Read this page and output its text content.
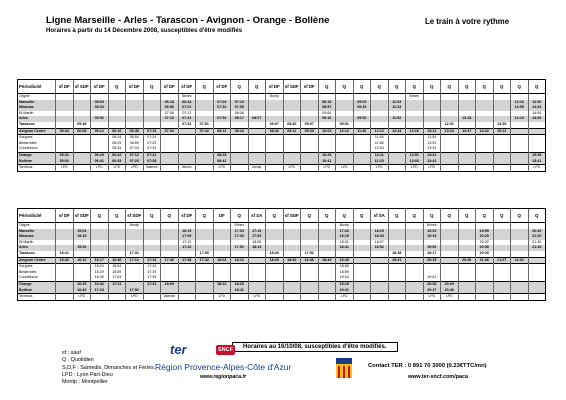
Ligne Marseille - Arles - Tarascon - Avignon - Orange - Bollène
Horaires à partir du 14 Décembre 2008, susceptibles d'être modifiés
Le train à votre rythme
Périodicité	sf DF	sf SDF	sf DF	Q	sf DF	Q	sf DF	sf DF	Q	sf DF	Q	Q	sf DF	sf SDF	sf DF	Q	Q	Q	Q	Q	Q	Q	Q	Q	Q	Q	Q	Q
Origine								Nîmes					Montp								Nîmes							
Marseille			05:03				06:18	06:24		07:03	07:15					08:18		09:03		11:03							13:16	14:30
Miramas			05:33				06:56	07:01		07:33	07:55					08:57		09:33		11:33							13:55	14:33
St Martin							07:06	07:11			08:06					09:06												14:06
Arles			05:52				07:16	07:22		07:52	08:17	08:07				09:16		09:52		11:52				13:15			14:15	14:52
Tarascon		05:48						07:32	07:51				09:07	08:30	09:07		09:51						12:31			13:35		
Avignon Centre	05:34	06:08	06:12	06:16	06:46	07:16	07:34		07:42	08:12	08:24		08:42	08:12	09:35	10:03	10:12	11:46	12:12	12:44	13:16	13:12	13:24	13:47	14:32	15:12		
Sorgues				06:24	06:54	07:24													11:54			12:54						
Bédarrides				06:29	06:59	07:29													11:58			13:29						
Courthézon				06:34	07:04	07:34													12:04			13:34						
Orange	05:41		06:29	06:42	07:12	07:41				08:29						10:29			12:11		12:51	13:41						15:39
Bollène	05:52		06:41	06:53	07:23	07:53				08:41						10:41			12:23		13:03	13:41						15:41
Terminus	LPD		LPD	LPD	LPD	Valence		Nîmes		LPD		Montp		LPD		LPD	LPD		LPD		LPD	LPD						LPD
Périodicité	sf DF	sf SDF	Q	Q	sf SDF	Q	Q	sf DF	Q	DF	Q	sf SA	Q	sf SDF	Q	Q	Q	Q	sf SA	Q	Q	Q	Q	Q	Q	Q	Q	Q
Origine					Montp						Nîmes						Montp					Nîmes						
Marseille		15:03						16:19			17:03	17:14					17:33		18:15			19:03			19:55			20:45
Miramas		15:33						17:09			17:33	17:53					18:15		18:33			19:33			20:25			21:20
St Martin								17:12				18:06					18:31		18:37						20:32			21:30
Arles		15:52						17:22			17:52	18:13					18:41		18:52			19:52			20:36			21:45
Tarascon	15:21				17:31				17:50				18:26		17:52					18:38		19:27			20:30			
Avignon Centre	15:42	16:12	16:17	16:46	17:12	17:16	17:46	17:38	17:42	18:03	18:12		18:03	18:30	16:46	18:49	19:49			19:41		20:15		20:36	21:36	21:07	22:02	
Sorgues			16:24	16:54		17:24											18:56											
Bédarrides			16:29	16:59		17:29											18:59											
Courthézon			16:35	17:04		17:35											19:04					19:01						
Orange		16:29	16:42	17:11		17:41	18:09			18:22	18:29						19:29					20:08	20:29					
Bollène		16:42	17:23		17:52						18:41						19:41					20:17	20:46					
Terminus		LPD			LPD		Valence			LPD		LPD					LPD					LPD	LPD					
Horaires au 16/10/08, susceptibles d'être modifiés.
sf : sauf
Q : Quotidien
S,D,F : Samedis, Dimanches et Fériés.
LPD : Lyon Part-Dieu
Montp : Montpellier
ter	SNCF
Région Provence-Alpes-Côte d'Azur
www.regionpaca.fr
Contact TER : 0 891 70 3000 (0.23€TTC/mn)
www.ter-sncf.com/paca
